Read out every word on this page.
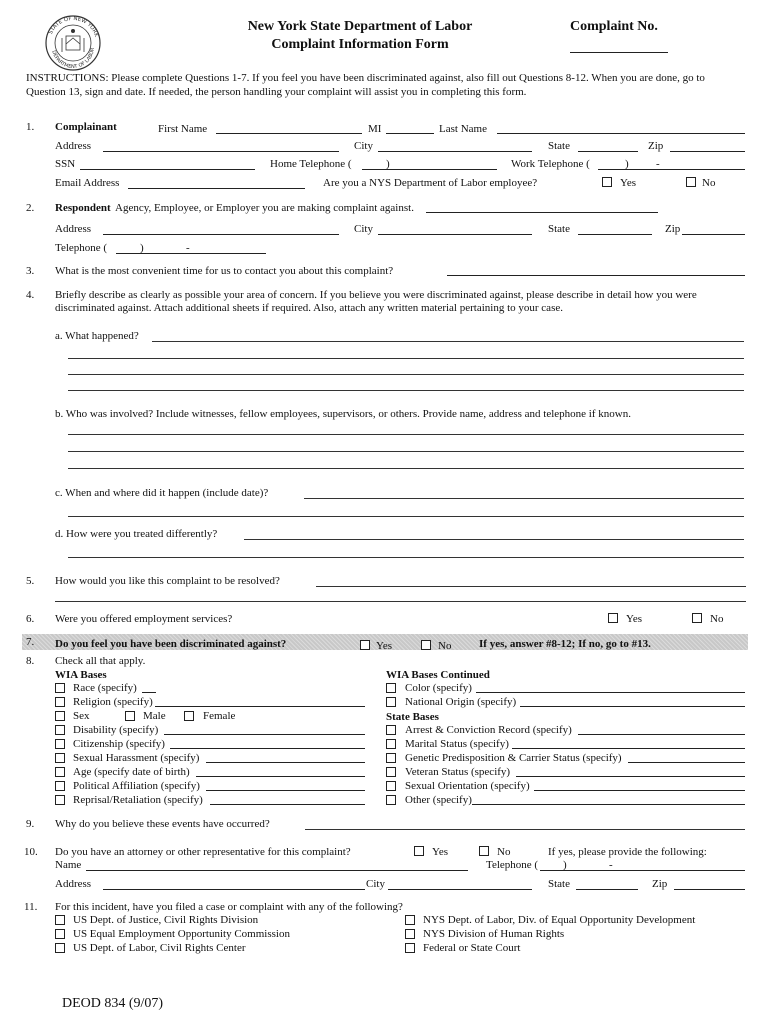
STATE OF NEW YORK
DEPARTMENT OF LABOR
New York State Department of Labor
Complaint Information Form
Complaint No.
INSTRUCTIONS: Please complete Questions 1-7. If you feel you have been discriminated against, also fill out Questions 8-12. When you are done, go to
Question 13, sign and date. If needed, the person handling your complaint will assist you in completing this form.
1. Complainant	First Name	MI	Last Name
Address	City	State	Zip
SSN	Home Telephone (	)	Work Telephone (	) -
Email Address	Are you a NYS Department of Labor employee?	Yes	No
2. Respondent Agency, Employee, or Employer you are making complaint against.
Address	City	State	Zip
Telephone (	)	-
3. What is the most convenient time for us to contact you about this complaint?
4. Briefly describe as clearly as possible your area of concern. If you believe you were discriminated against, please describe in detail how you were
discriminated against. Attach additional sheets if required. Also, attach any written material pertaining to your case.
a. What happened?
b. Who was involved? Include witnesses, fellow employees, supervisors, or others. Provide name, address and telephone if known.
c. When and where did it happen (include date)?
d. How were you treated differently?
5. How would you like this complaint to be resolved?
6. Were you offered employment services?	Yes	No
7. Do you feel you have been discriminated against?	Yes	No	If yes, answer #8-12; If no, go to #13.
8. Check all that apply.
WIA Bases
Race (specify)
Religion (specify)
Sex	Male	Female
Disability (specify)
Citizenship (specify)
Sexual Harassment (specify)
Age (specify date of birth)
Political Affiliation (specify)
Reprisal/Retaliation (specify)
WIA Bases Continued
Color (specify)
National Origin (specify)
State Bases
Arrest & Conviction Record (specify)
Marital Status (specify)
Genetic Predisposition & Carrier Status (specify)
Veteran Status (specify)
Sexual Orientation (specify)
Other (specify)
9. Why do you believe these events have occurred?
10. Do you have an attorney or other representative for this complaint?	Yes	No	If yes, please provide the following:
Name	Telephone ( )	-
Address	City	State	Zip
11. For this incident, have you filed a case or complaint with any of the following?
US Dept. of Justice, Civil Rights Division
US Equal Employment Opportunity Commission
US Dept. of Labor, Civil Rights Center
NYS Dept. of Labor, Div. of Equal Opportunity Development
NYS Division of Human Rights
Federal or State Court
DEOD 834 (9/07)
